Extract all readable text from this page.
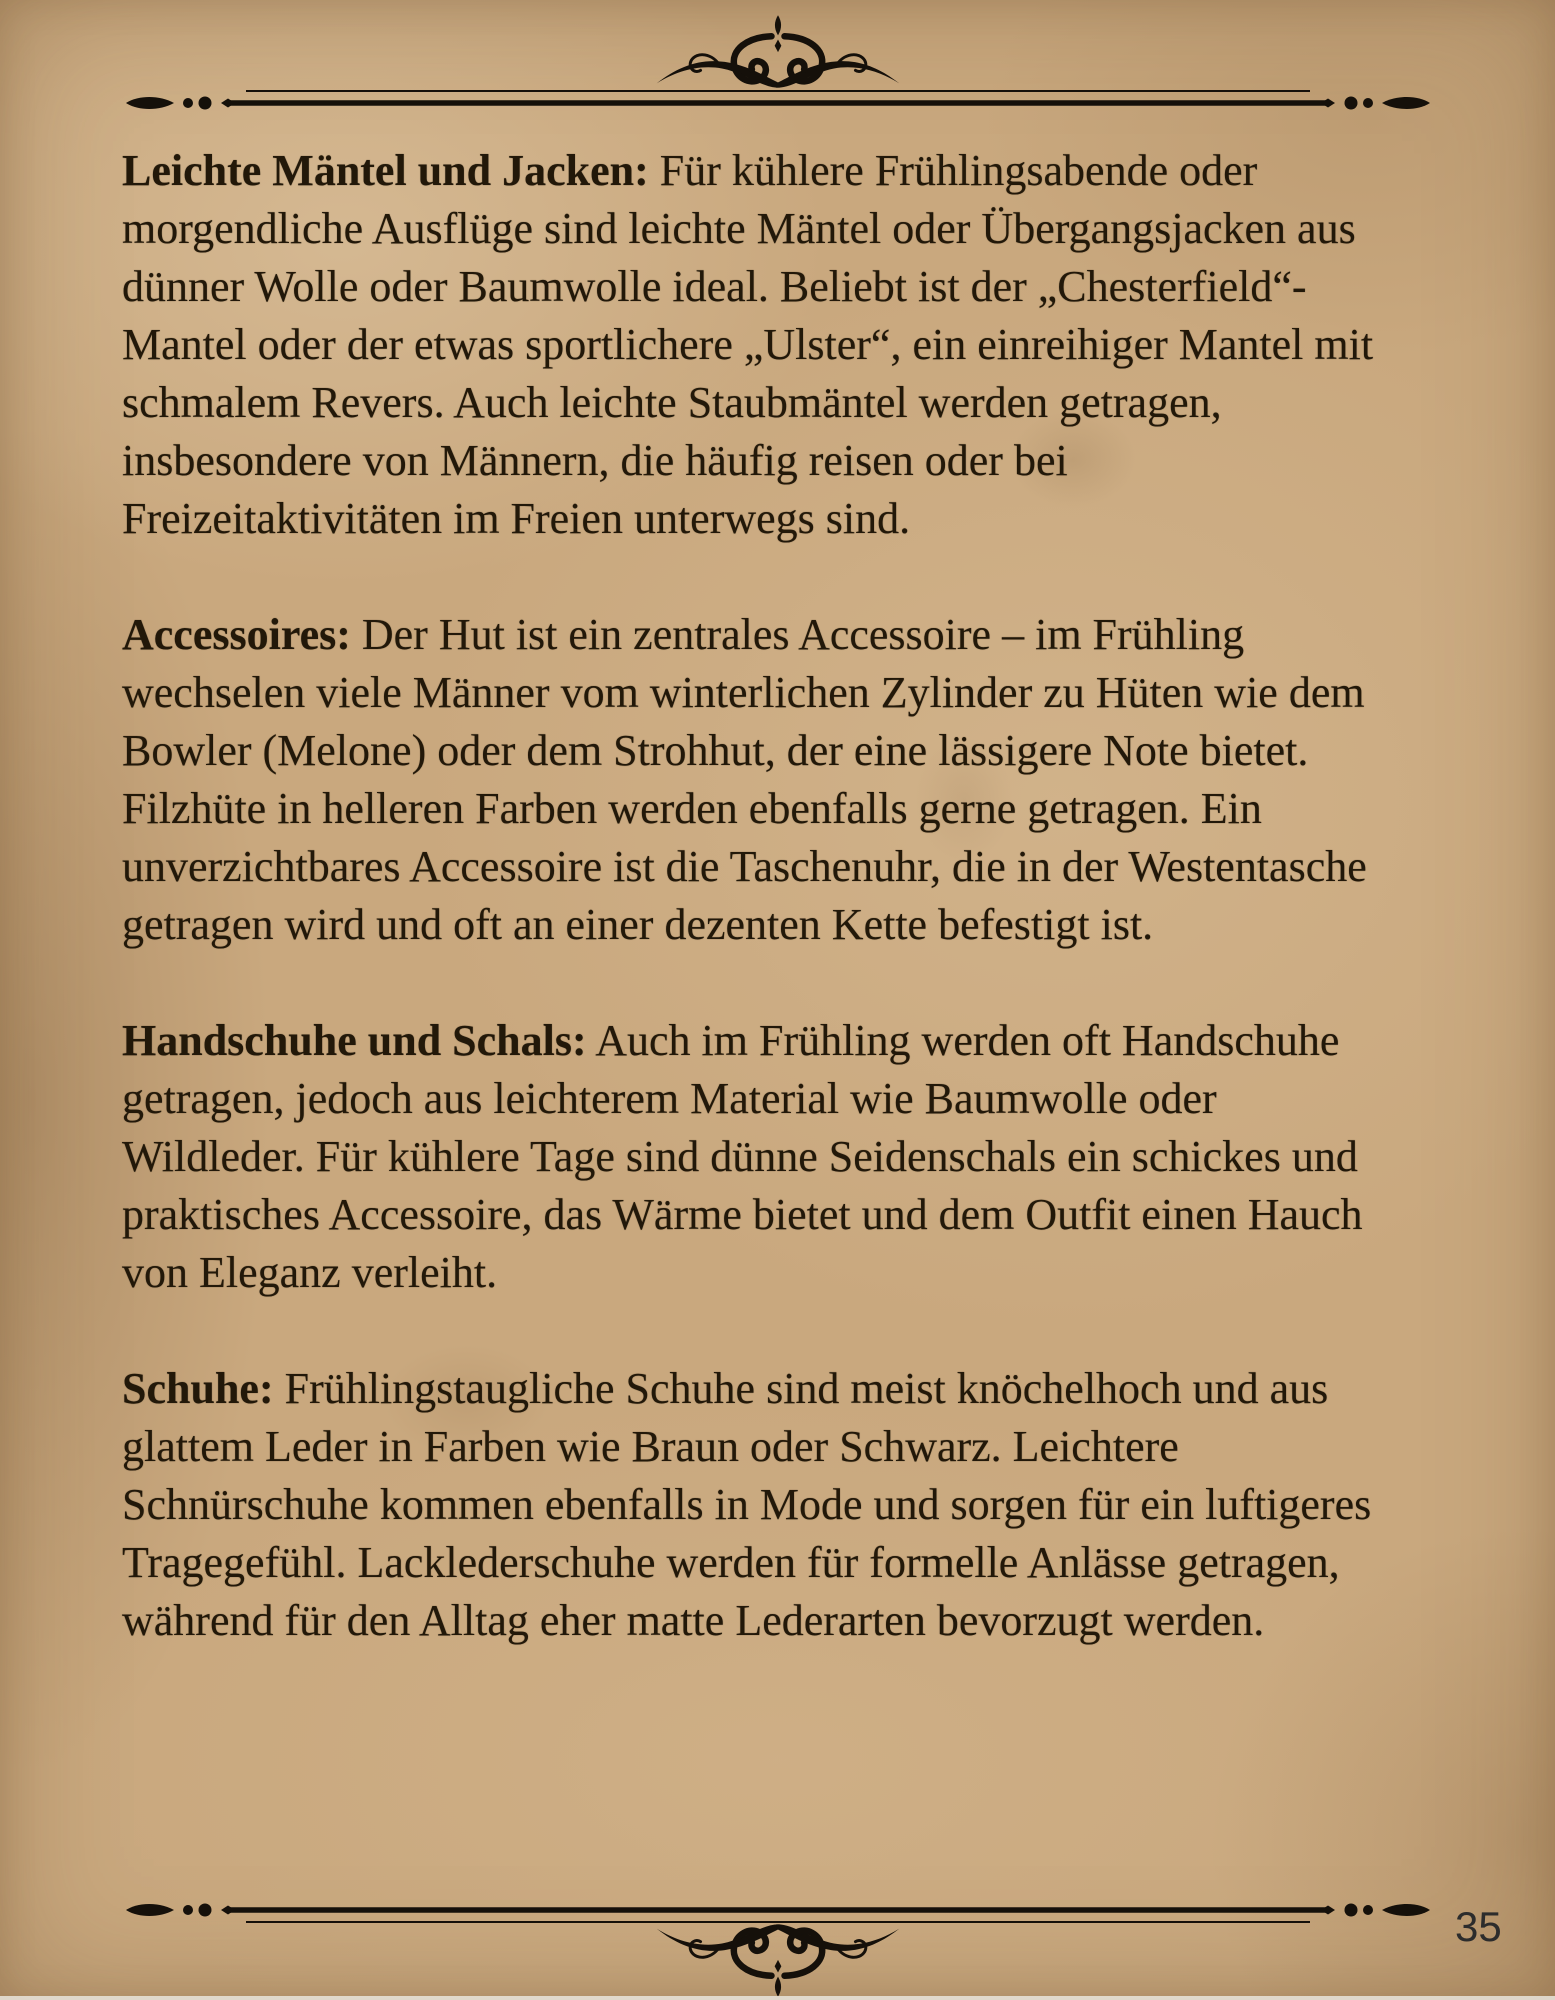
Leichte Mäntel und Jacken: Für kühlere Frühlingsabende oder
morgendliche Ausflüge sind leichte Mäntel oder Übergangsjacken aus
dünner Wolle oder Baumwolle ideal. Beliebt ist der „Chesterfield“-
Mantel oder der etwas sportlichere „Ulster“, ein einreihiger Mantel mit
schmalem Revers. Auch leichte Staubmäntel werden getragen,
insbesondere von Männern, die häufig reisen oder bei
Freizeitaktivitäten im Freien unterwegs sind.
Accessoires: Der Hut ist ein zentrales Accessoire – im Frühling
wechselen viele Männer vom winterlichen Zylinder zu Hüten wie dem
Bowler (Melone) oder dem Strohhut, der eine lässigere Note bietet.
Filzhüte in helleren Farben werden ebenfalls gerne getragen. Ein
unverzichtbares Accessoire ist die Taschenuhr, die in der Westentasche
getragen wird und oft an einer dezenten Kette befestigt ist.
Handschuhe und Schals: Auch im Frühling werden oft Handschuhe
getragen, jedoch aus leichterem Material wie Baumwolle oder
Wildleder. Für kühlere Tage sind dünne Seidenschals ein schickes und
praktisches Accessoire, das Wärme bietet und dem Outfit einen Hauch
von Eleganz verleiht.
Schuhe: Frühlingstaugliche Schuhe sind meist knöchelhoch und aus
glattem Leder in Farben wie Braun oder Schwarz. Leichtere
Schnürschuhe kommen ebenfalls in Mode und sorgen für ein luftigeres
Tragegefühl. Lacklederschuhe werden für formelle Anlässe getragen,
während für den Alltag eher matte Lederarten bevorzugt werden.
35
